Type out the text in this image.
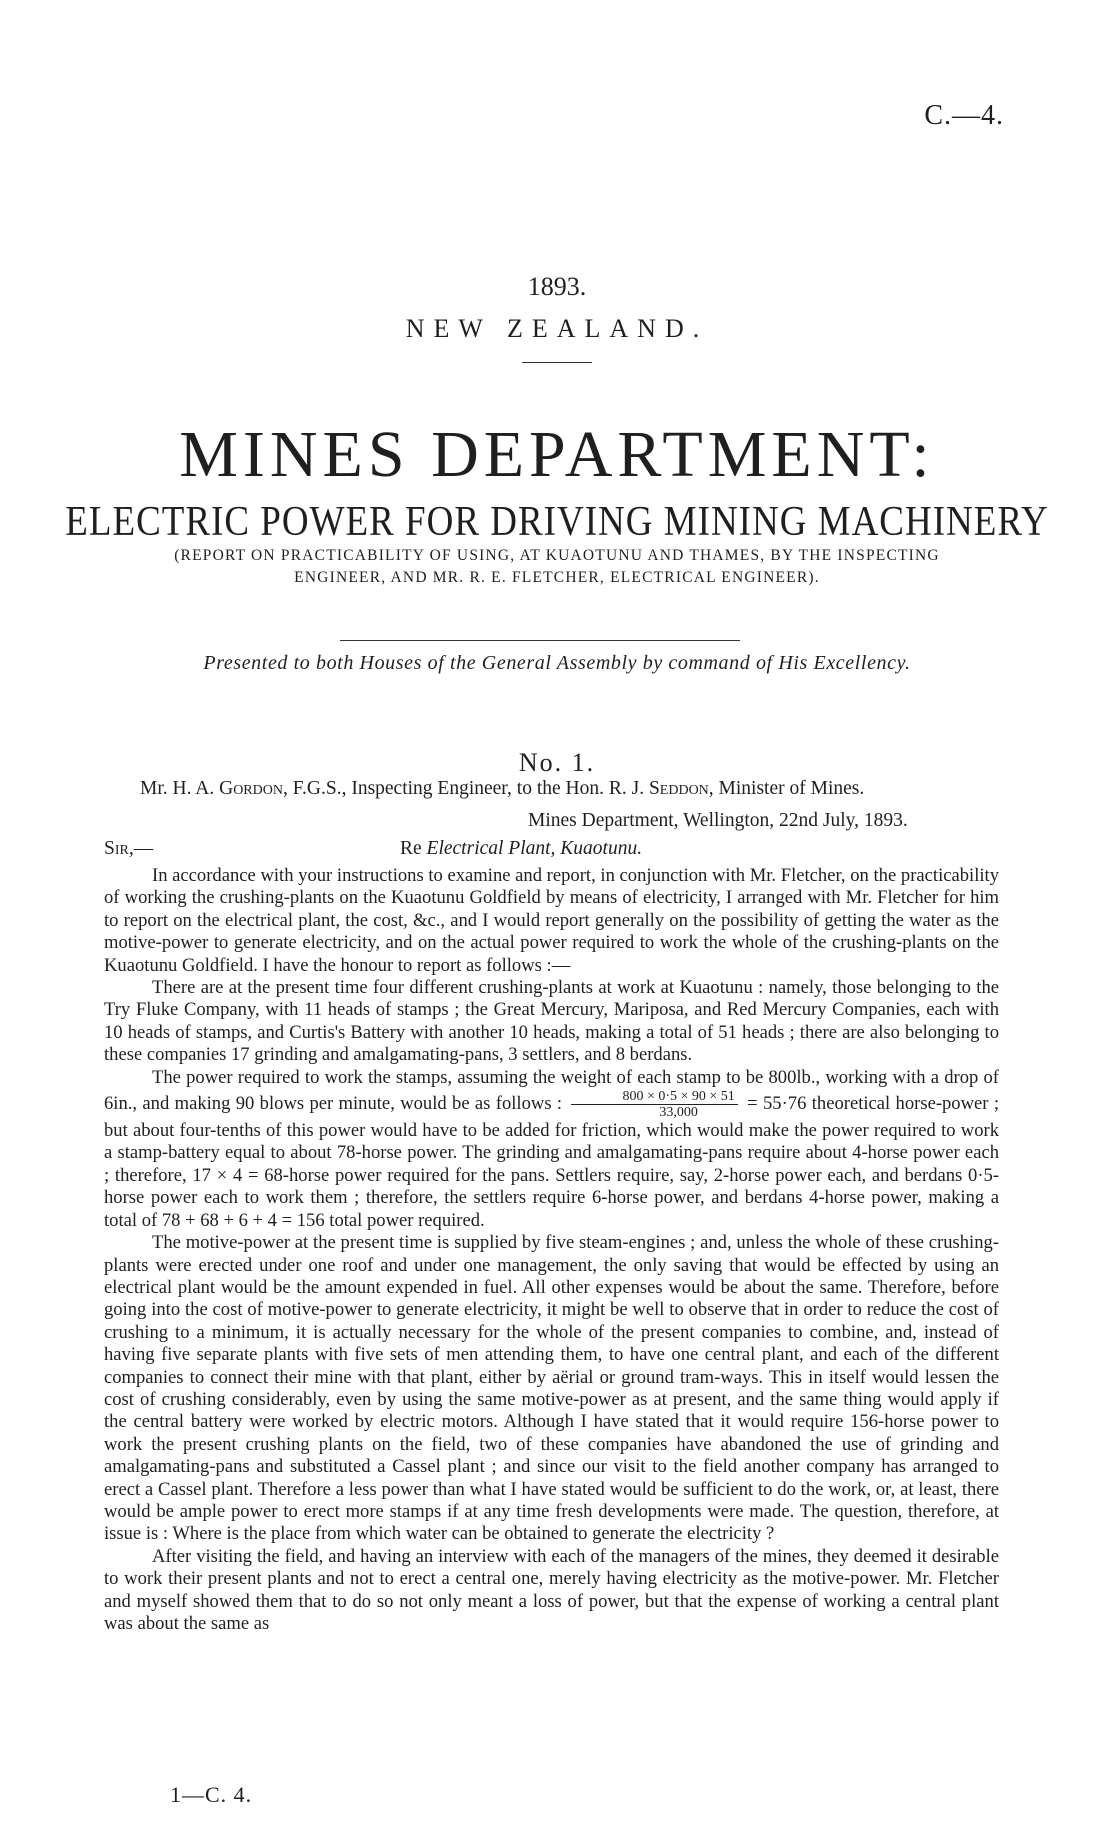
C.—4.
1893.
NEW ZEALAND.
MINES DEPARTMENT:
ELECTRIC POWER FOR DRIVING MINING MACHINERY
(REPORT ON PRACTICABILITY OF USING, AT KUAOTUNU AND THAMES, BY THE INSPECTING
ENGINEER, AND MR. R. E. FLETCHER, ELECTRICAL ENGINEER).
Presented to both Houses of the General Assembly by command of His Excellency.
No. 1.
Mr. H. A. Gordon, F.G.S., Inspecting Engineer, to the Hon. R. J. Seddon, Minister of Mines.
Mines Department, Wellington, 22nd July, 1893.
Sir,—	Re Electrical Plant, Kuaotunu.

In accordance with your instructions to examine and report, in conjunction with Mr. Fletcher, on the practicability of working the crushing-plants on the Kuaotunu Goldfield by means of electricity, I arranged with Mr. Fletcher for him to report on the electrical plant, the cost, &c., and I would report generally on the possibility of getting the water as the motive-power to generate electricity, and on the actual power required to work the whole of the crushing-plants on the Kuaotunu Goldfield. I have the honour to report as follows :—

There are at the present time four different crushing-plants at work at Kuaotunu : namely, those belonging to the Try Fluke Company, with 11 heads of stamps ; the Great Mercury, Mariposa, and Red Mercury Companies, each with 10 heads of stamps, and Curtis's Battery with another 10 heads, making a total of 51 heads ; there are also belonging to these companies 17 grinding and amalgamating-pans, 3 settlers, and 8 berdans.

The power required to work the stamps, assuming the weight of each stamp to be 800lb., working with a drop of 6in., and making 90 blows per minute, would be as follows : $\frac{800 \times 0\cdot 5 \times 90 \times 51}{33,000} = 55\cdot 76$ theoretical horse-power ; but about four-tenths of this power would have to be added for friction, which would make the power required to work a stamp-battery equal to about 78-horse power. The grinding and amalgamating-pans require about 4-horse power each ; therefore, 17 × 4 = 68-horse power required for the pans. Settlers require, say, 2-horse power each, and berdans 0·5-horse power each to work them ; therefore, the settlers require 6-horse power, and berdans 4-horse power, making a total of 78 + 68 + 6 + 4 = 156 total power required.

The motive-power at the present time is supplied by five steam-engines ; and, unless the whole of these crushing-plants were erected under one roof and under one management, the only saving that would be effected by using an electrical plant would be the amount expended in fuel. All other expenses would be about the same. Therefore, before going into the cost of motive-power to generate electricity, it might be well to observe that in order to reduce the cost of crushing to a minimum, it is actually necessary for the whole of the present companies to combine, and, instead of having five separate plants with five sets of men attending them, to have one central plant, and each of the different companies to connect their mine with that plant, either by aërial or ground tram-ways. This in itself would lessen the cost of crushing considerably, even by using the same motive-power as at present, and the same thing would apply if the central battery were worked by electric motors. Although I have stated that it would require 156-horse power to work the present crushing plants on the field, two of these companies have abandoned the use of grinding and amalgamating-pans and substituted a Cassel plant ; and since our visit to the field another company has arranged to erect a Cassel plant. Therefore a less power than what I have stated would be sufficient to do the work, or, at least, there would be ample power to erect more stamps if at any time fresh developments were made. The question, therefore, at issue is : Where is the place from which water can be obtained to generate the electricity ?

After visiting the field, and having an interview with each of the managers of the mines, they deemed it desirable to work their present plants and not to erect a central one, merely having electricity as the motive-power. Mr. Fletcher and myself showed them that to do so not only meant a loss of power, but that the expense of working a central plant was about the same as

1—C. 4.
